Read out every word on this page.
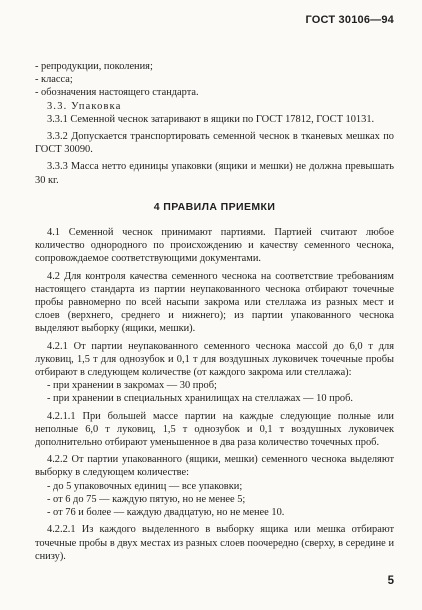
ГОСТ 30106—94

- репродукции, поколения;

- класса;

- обозначения настоящего стандарта.

3.3. Упаковка

3.3.1 Семенной чеснок затаривают в ящики по ГОСТ 17812, ГОСТ 10131.

3.3.2 Допускается транспортировать семенной чеснок в тканевых мешках по ГОСТ 30090.

3.3.3 Масса нетто единицы упаковки (ящики и мешки) не должна превышать 30 кг.

4 ПРАВИЛА ПРИЕМКИ

4.1 Семенной чеснок принимают партиями. Партией считают любое количество однородного по происхождению и качеству семенного чеснока, сопровождаемое соответствующими документами.

4.2 Для контроля качества семенного чеснока на соответствие требованиям настоящего стандарта из партии неупакованного чеснока отбирают точечные пробы равномерно по всей насыпи закрома или стеллажа из разных мест и слоев (верхнего, среднего и нижнего); из партии упакованного чеснока выделяют выборку (ящики, мешки).

4.2.1 От партии неупакованного семенного чеснока массой до 6,0 т для луковиц, 1,5 т для однозубок и 0,1 т для воздушных луковичек точечные пробы отбирают в следующем количестве (от каждого закрома или стеллажа):

- при хранении в закромах — 30 проб;

- при хранении в специальных хранилищах на стеллажах — 10 проб.

4.2.1.1 При большей массе партии на каждые следующие полные или неполные 6,0 т луковиц, 1,5 т однозубок и 0,1 т воздушных луковичек дополнительно отбирают уменьшенное в два раза количество точечных проб.

4.2.2 От партии упакованного (ящики, мешки) семенного чеснока выделяют выборку в следующем количестве:

- до 5 упаковочных единиц — все упаковки;

- от 6 до 75 — каждую пятую, но не менее 5;

- от 76 и более — каждую двадцатую, но не менее 10.

4.2.2.1 Из каждого выделенного в выборку ящика или мешка отбирают точечные пробы в двух местах из разных слоев поочередно (сверху, в середине и снизу).

5
